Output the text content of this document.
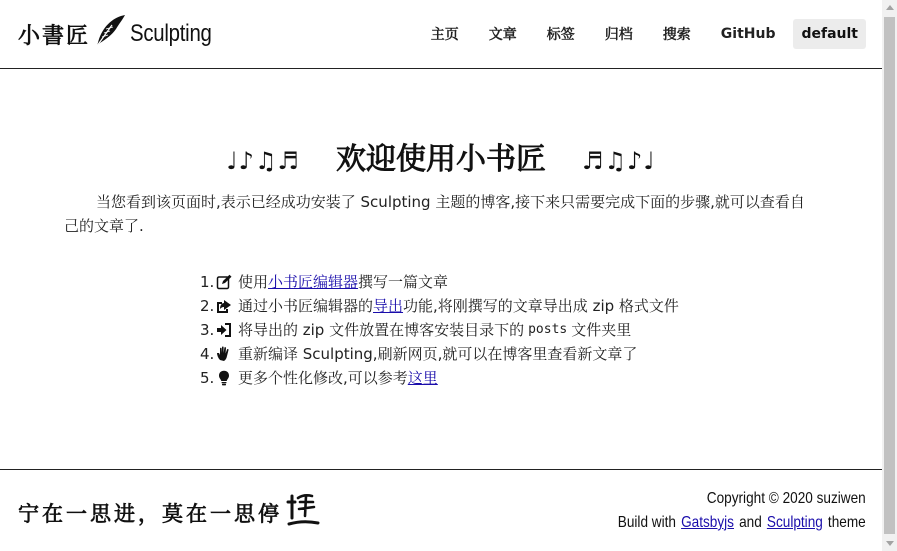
小書匠 Sculpting	主页 文章 标签 归档 搜索 GitHub	default
♩♪♫♬ 欢迎使用小书匠 ♬♫♪♩

当您看到该页面时,表示已经成功安装了 Sculpting 主题的博客,接下来只需要完成下面的步骤,就可以查看自己的文章了.

1. 使用 小书匠编辑器 撰写一篇文章
2. 通过小书匠编辑器的 导出 功能,将刚撰写的文章导出成 zip 格式文件
3. 将导出的 zip 文件放置在博客安装目录下的 posts 文件夹里
4. 重新编译 Sculpting,刷新网页,就可以在博客里查看新文章了
5. 更多个性化修改,可以参考 这里
宁在一思进，莫在一思停
Copyright © 2020 suziwen
Build with Gatsbyjs and Sculpting theme
